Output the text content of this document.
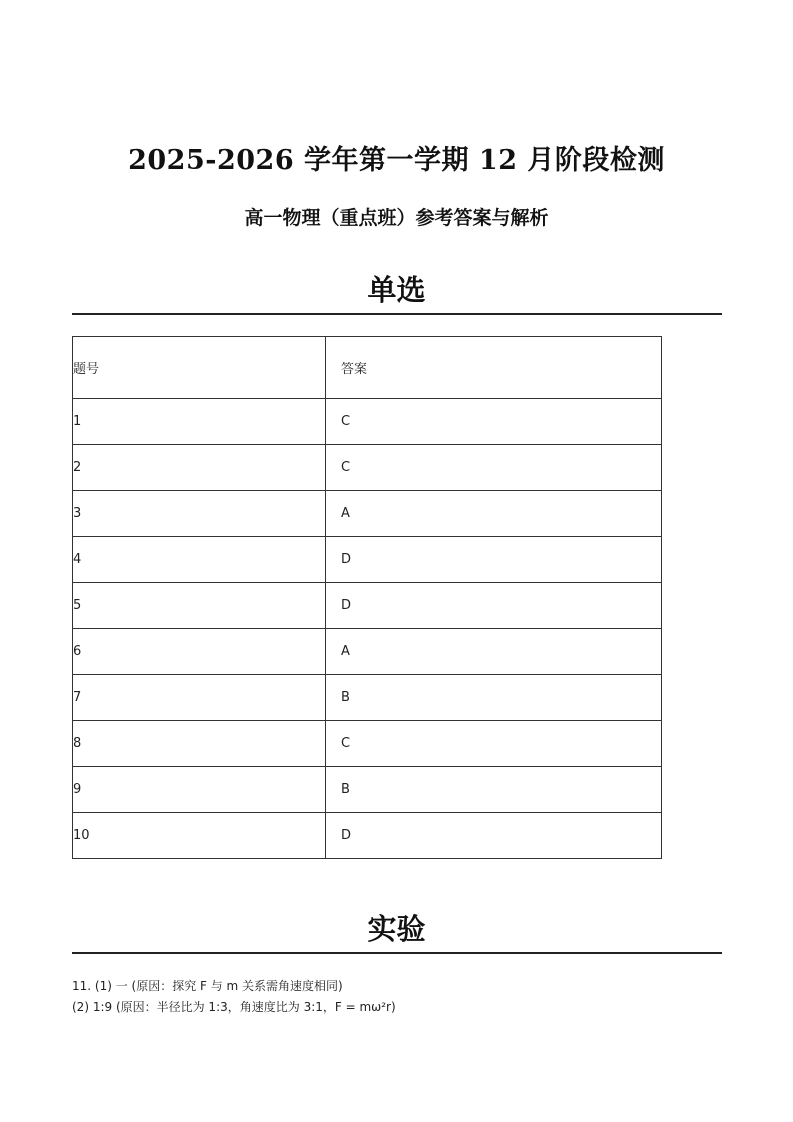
2025-2026 学年第一学期 12 月阶段检测
高一物理（重点班）参考答案与解析
单选
题号	答案
1	C
2	C
3	A
4	D
5	D
6	A
7	B
8	C
9	B
10	D
实验
11. (1) 一 (原因：探究 F 与 m 关系需角速度相同)
(2) 1:9 (原因：半径比为 1:3，角速度比为 3:1，F = mω²r)
